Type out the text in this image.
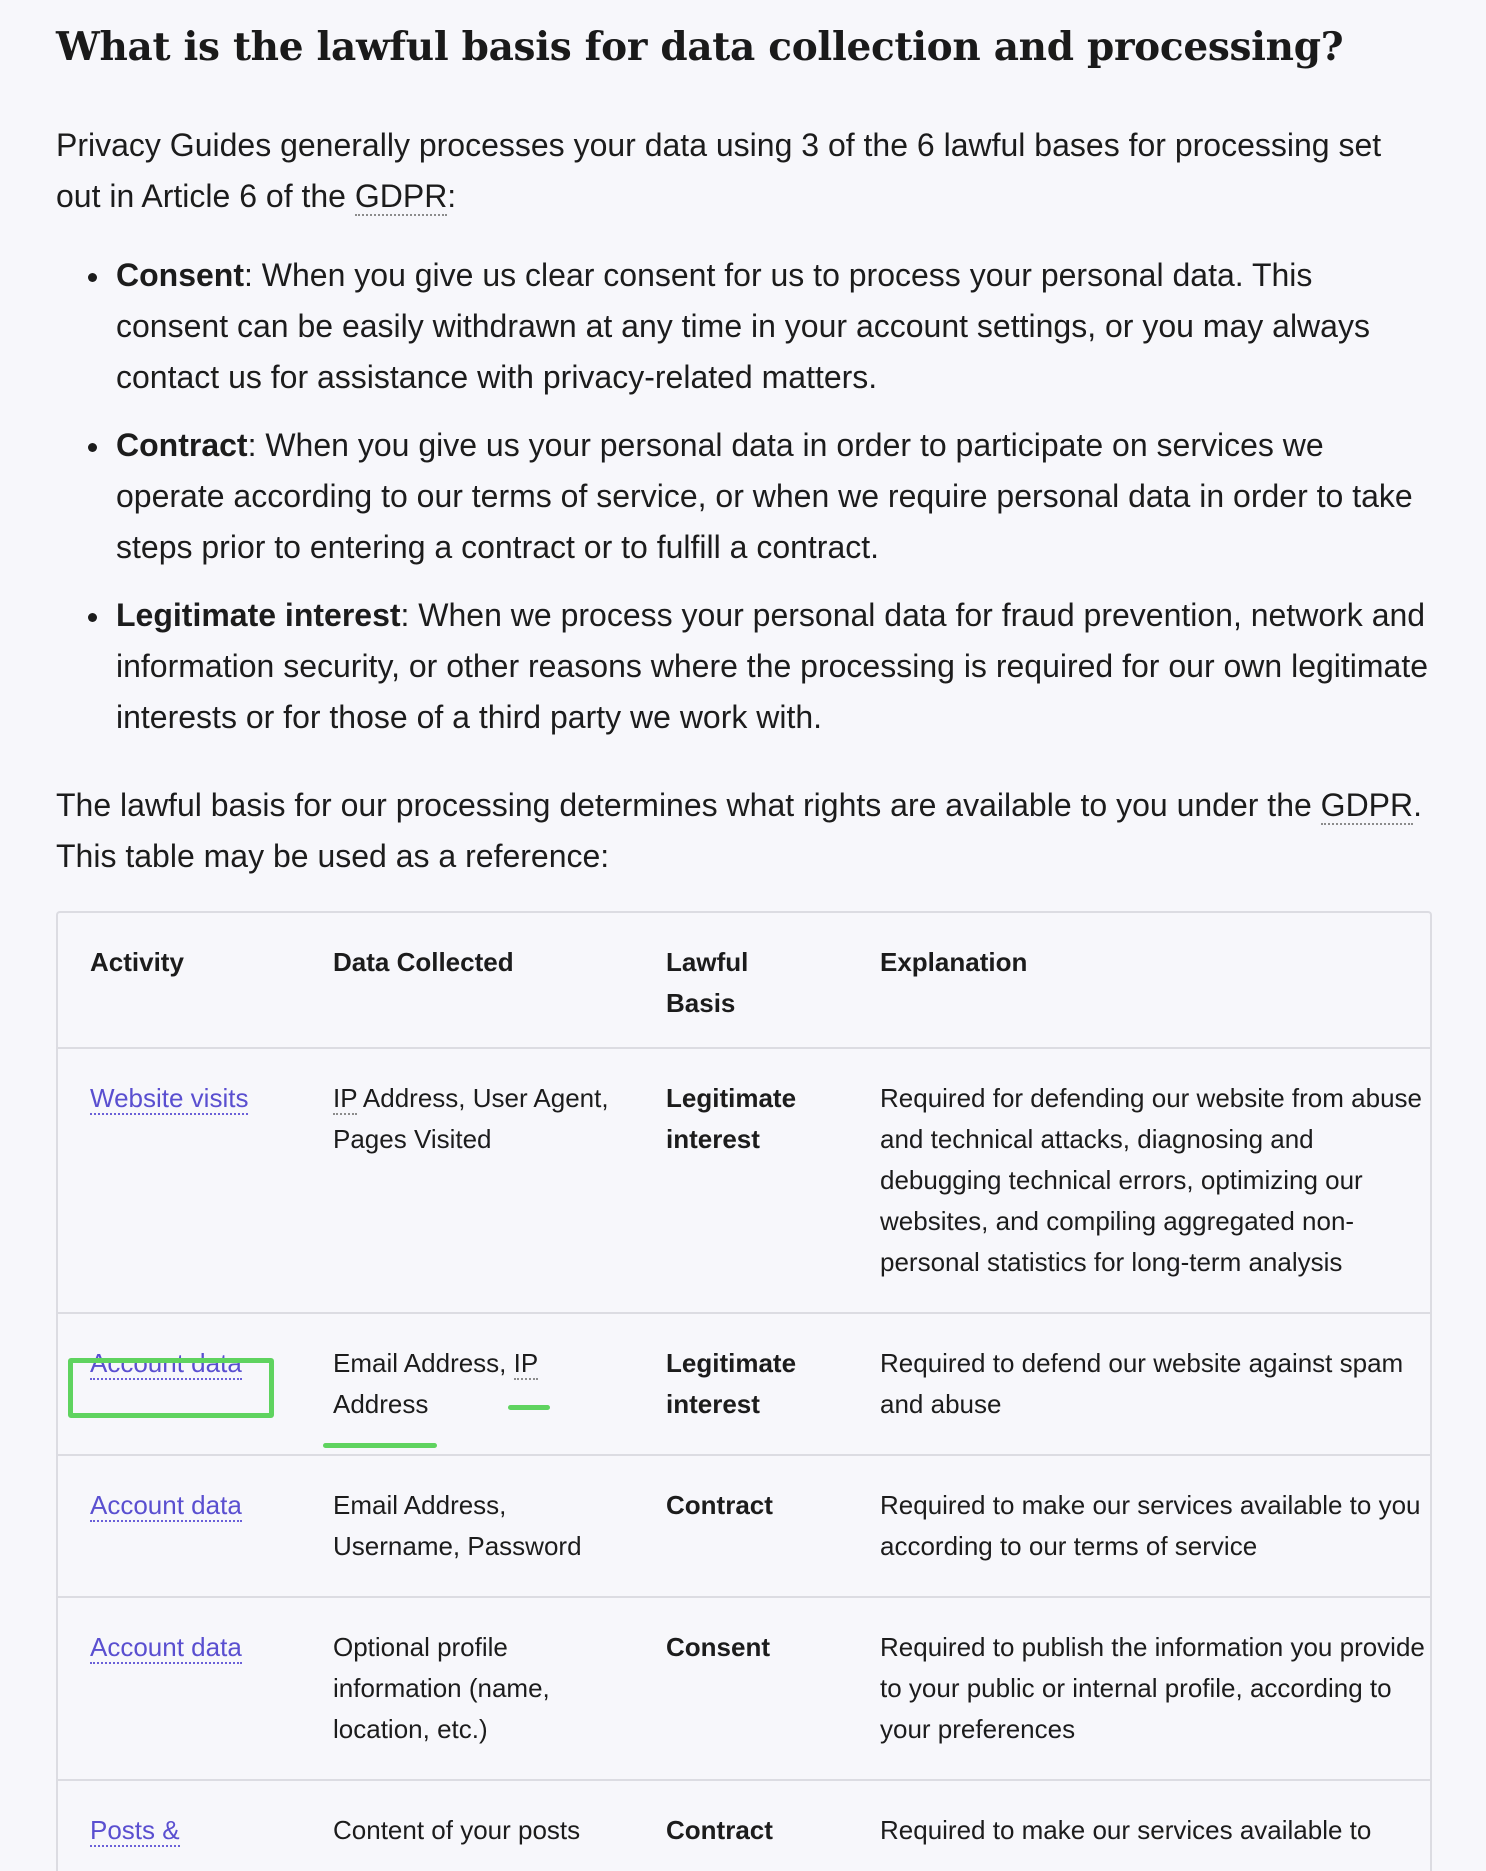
What is the lawful basis for data collection and processing?

Privacy Guides generally processes your data using 3 of the 6 lawful bases for processing set out in Article 6 of the GDPR:

Consent: When you give us clear consent for us to process your personal data. This consent can be easily withdrawn at any time in your account settings, or you may always contact us for assistance with privacy-related matters.
Contract: When you give us your personal data in order to participate on services we operate according to our terms of service, or when we require personal data in order to take steps prior to entering a contract or to fulfill a contract.
Legitimate interest: When we process your personal data for fraud prevention, network and information security, or other reasons where the processing is required for our own legitimate interests or for those of a third party we work with.

The lawful basis for our processing determines what rights are available to you under the GDPR. This table may be used as a reference:

Activity	Data Collected	Lawful Basis	Explanation
Website visits	IP Address, User Agent, Pages Visited	Legitimate interest	Required for defending our website from abuse and technical attacks, diagnosing and debugging technical errors, optimizing our websites, and compiling aggregated non-personal statistics for long-term analysis
Account data	Email Address, IP Address	Legitimate interest	Required to defend our website against spam and abuse
Account data	Email Address, Username, Password	Contract	Required to make our services available to you according to our terms of service
Account data	Optional profile information (name, location, etc.)	Consent	Required to publish the information you provide to your public or internal profile, according to your preferences
Posts &	Content of your posts	Contract	Required to make our services available to
